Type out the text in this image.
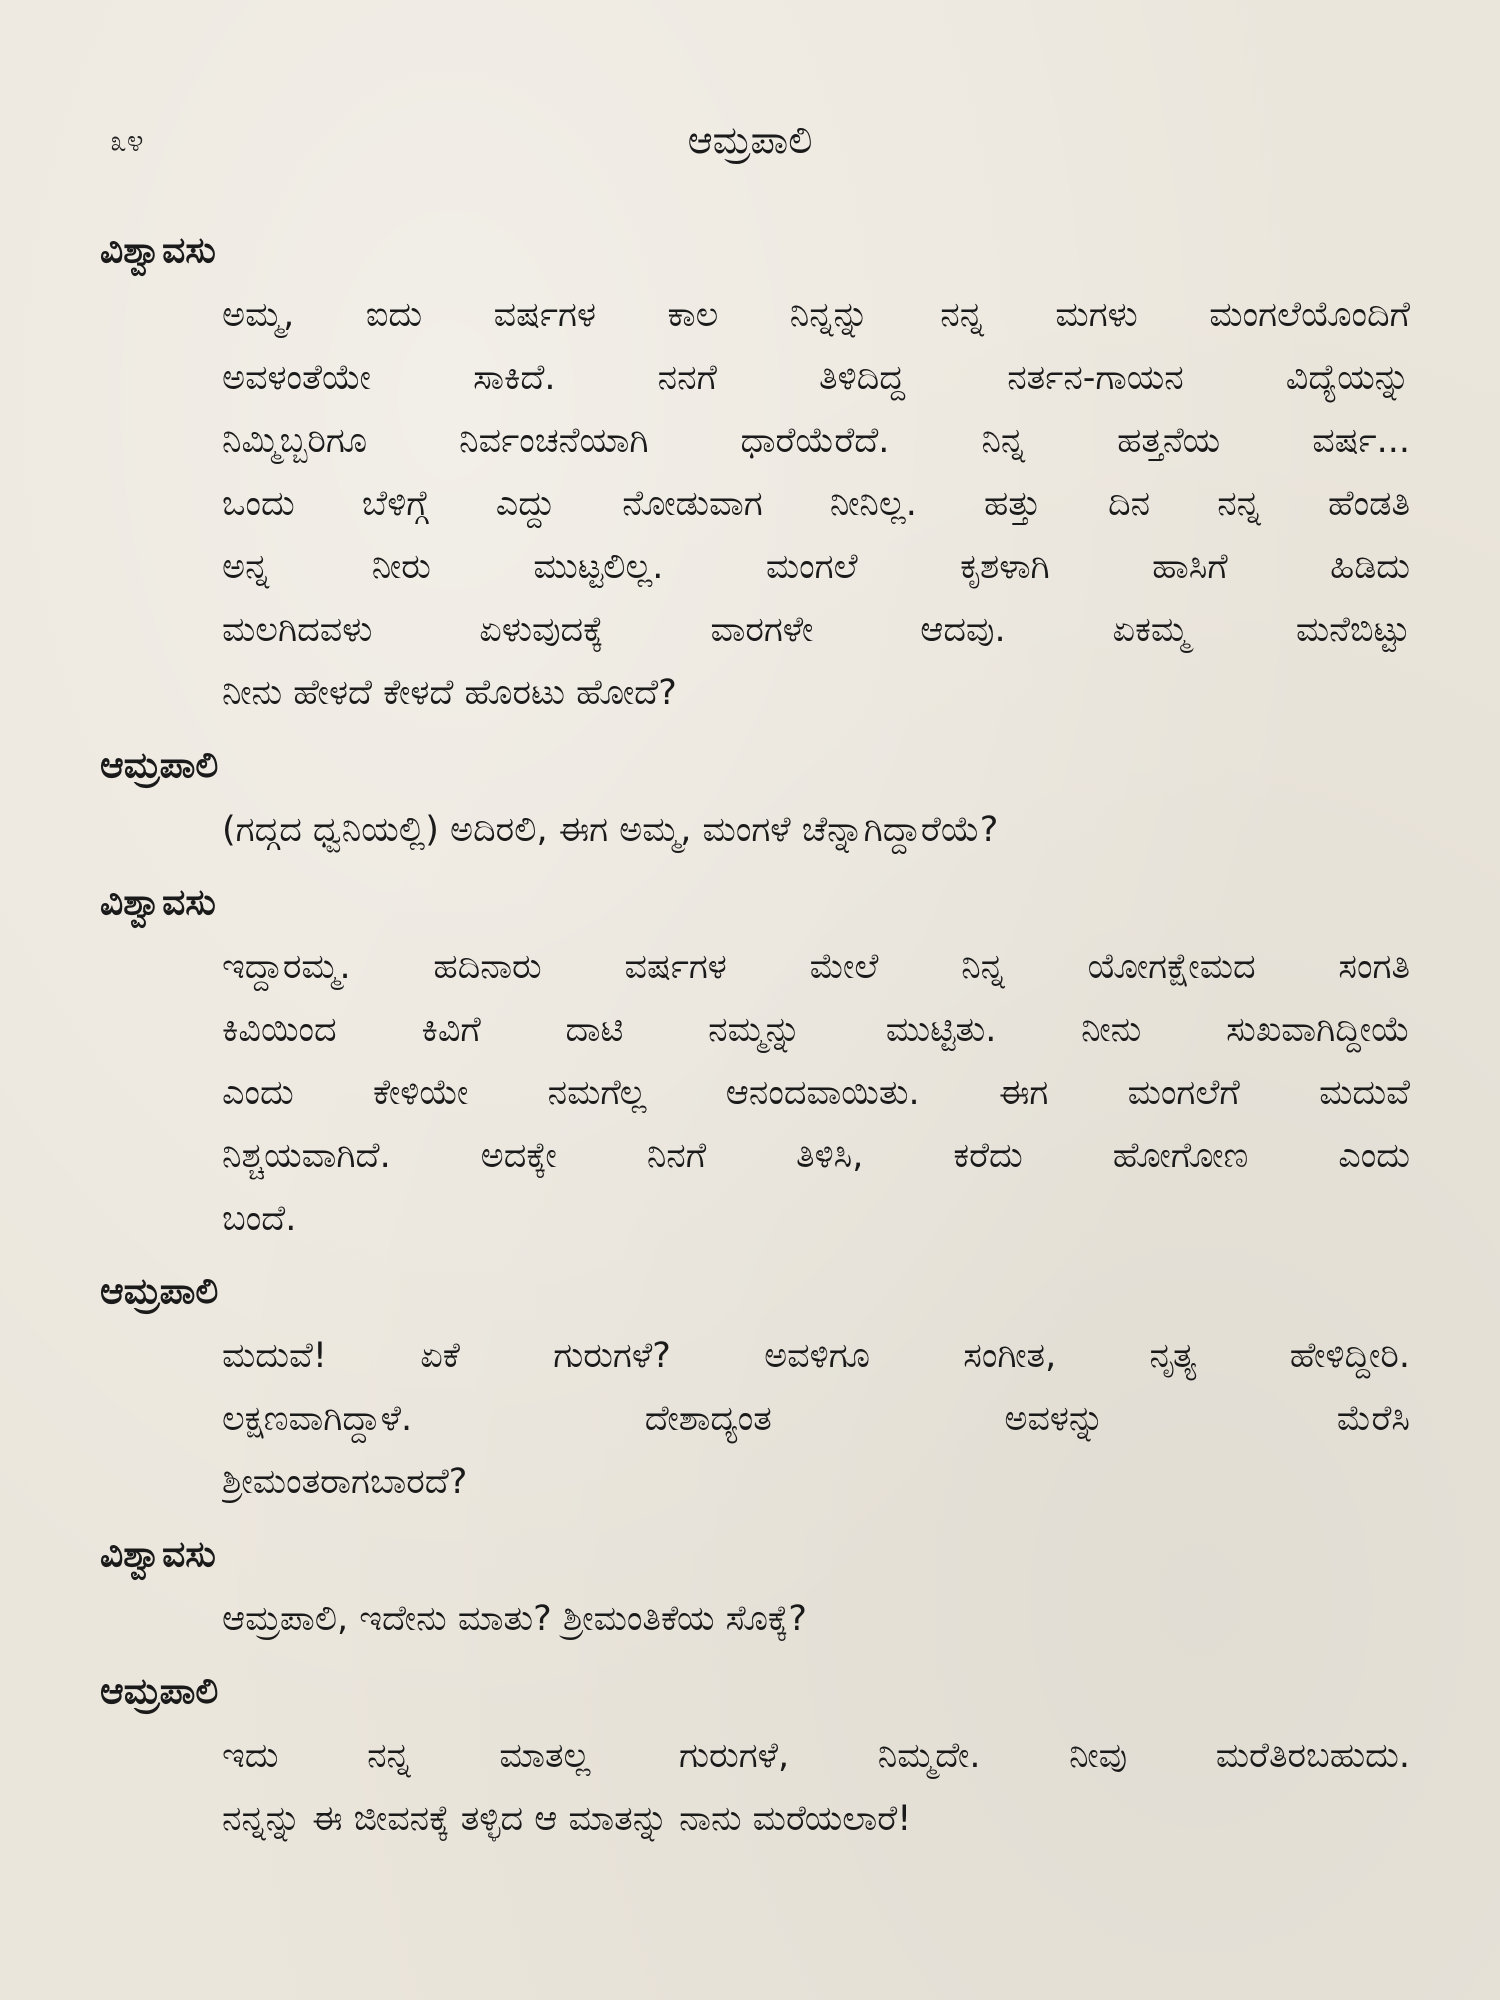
೩೪	ಆಮ್ರಪಾಲಿ
ವಿಶ್ವಾವಸು
ಅಮ್ಮ, ಐದು ವರ್ಷಗಳ ಕಾಲ ನಿನ್ನನ್ನು ನನ್ನ ಮಗಳು ಮಂಗಲೆಯೊಂದಿಗೆ
ಅವಳಂತೆಯೇ ಸಾಕಿದೆ. ನನಗೆ ತಿಳಿದಿದ್ದ ನರ್ತನ-ಗಾಯನ ವಿದ್ಯೆಯನ್ನು
ನಿಮ್ಮಿಬ್ಬರಿಗೂ ನಿರ್ವಂಚನೆಯಾಗಿ ಧಾರೆಯೆರೆದೆ. ನಿನ್ನ ಹತ್ತನೆಯ ವರ್ಷ...
ಒಂದು ಬೆಳಿಗ್ಗೆ ಎದ್ದು ನೋಡುವಾಗ ನೀನಿಲ್ಲ. ಹತ್ತು ದಿನ ನನ್ನ ಹೆಂಡತಿ
ಅನ್ನ ನೀರು ಮುಟ್ಟಲಿಲ್ಲ. ಮಂಗಲೆ ಕೃಶಳಾಗಿ ಹಾಸಿಗೆ ಹಿಡಿದು
ಮಲಗಿದವಳು ಏಳುವುದಕ್ಕೆ ವಾರಗಳೇ ಆದವು. ಏಕಮ್ಮ ಮನೆಬಿಟ್ಟು
ನೀನು ಹೇಳದೆ ಕೇಳದೆ ಹೊರಟು ಹೋದೆ?
ಆಮ್ರಪಾಲಿ
(ಗದ್ಗದ ಧ್ವನಿಯಲ್ಲಿ) ಅದಿರಲಿ, ಈಗ ಅಮ್ಮ, ಮಂಗಳೆ ಚೆನ್ನಾಗಿದ್ದಾರೆಯೆ?
ವಿಶ್ವಾವಸು
ಇದ್ದಾರಮ್ಮ. ಹದಿನಾರು ವರ್ಷಗಳ ಮೇಲೆ ನಿನ್ನ ಯೋಗಕ್ಷೇಮದ ಸಂಗತಿ
ಕಿವಿಯಿಂದ ಕಿವಿಗೆ ದಾಟಿ ನಮ್ಮನ್ನು ಮುಟ್ಟಿತು. ನೀನು ಸುಖವಾಗಿದ್ದೀಯೆ
ಎಂದು ಕೇಳಿಯೇ ನಮಗೆಲ್ಲ ಆನಂದವಾಯಿತು. ಈಗ ಮಂಗಲೆಗೆ ಮದುವೆ
ನಿಶ್ಚಯವಾಗಿದೆ. ಅದಕ್ಕೇ ನಿನಗೆ ತಿಳಿಸಿ, ಕರೆದು ಹೋಗೋಣ ಎಂದು
ಬಂದೆ.
ಆಮ್ರಪಾಲಿ
ಮದುವೆ! ಏಕೆ ಗುರುಗಳೆ? ಅವಳಿಗೂ ಸಂಗೀತ, ನೃತ್ಯ ಹೇಳಿದ್ದೀರಿ.
ಲಕ್ಷಣವಾಗಿದ್ದಾಳೆ. ದೇಶಾದ್ಯಂತ ಅವಳನ್ನು ಮೆರೆಸಿ
ಶ್ರೀಮಂತರಾಗಬಾರದೆ?
ವಿಶ್ವಾವಸು
ಆಮ್ರಪಾಲಿ, ಇದೇನು ಮಾತು? ಶ್ರೀಮಂತಿಕೆಯ ಸೊಕ್ಕೆ?
ಆಮ್ರಪಾಲಿ
ಇದು ನನ್ನ ಮಾತಲ್ಲ ಗುರುಗಳೆ, ನಿಮ್ಮದೇ. ನೀವು ಮರೆತಿರಬಹುದು.
ನನ್ನನ್ನು ಈ ಜೀವನಕ್ಕೆ ತಳ್ಳಿದ ಆ ಮಾತನ್ನು ನಾನು ಮರೆಯಲಾರೆ!
